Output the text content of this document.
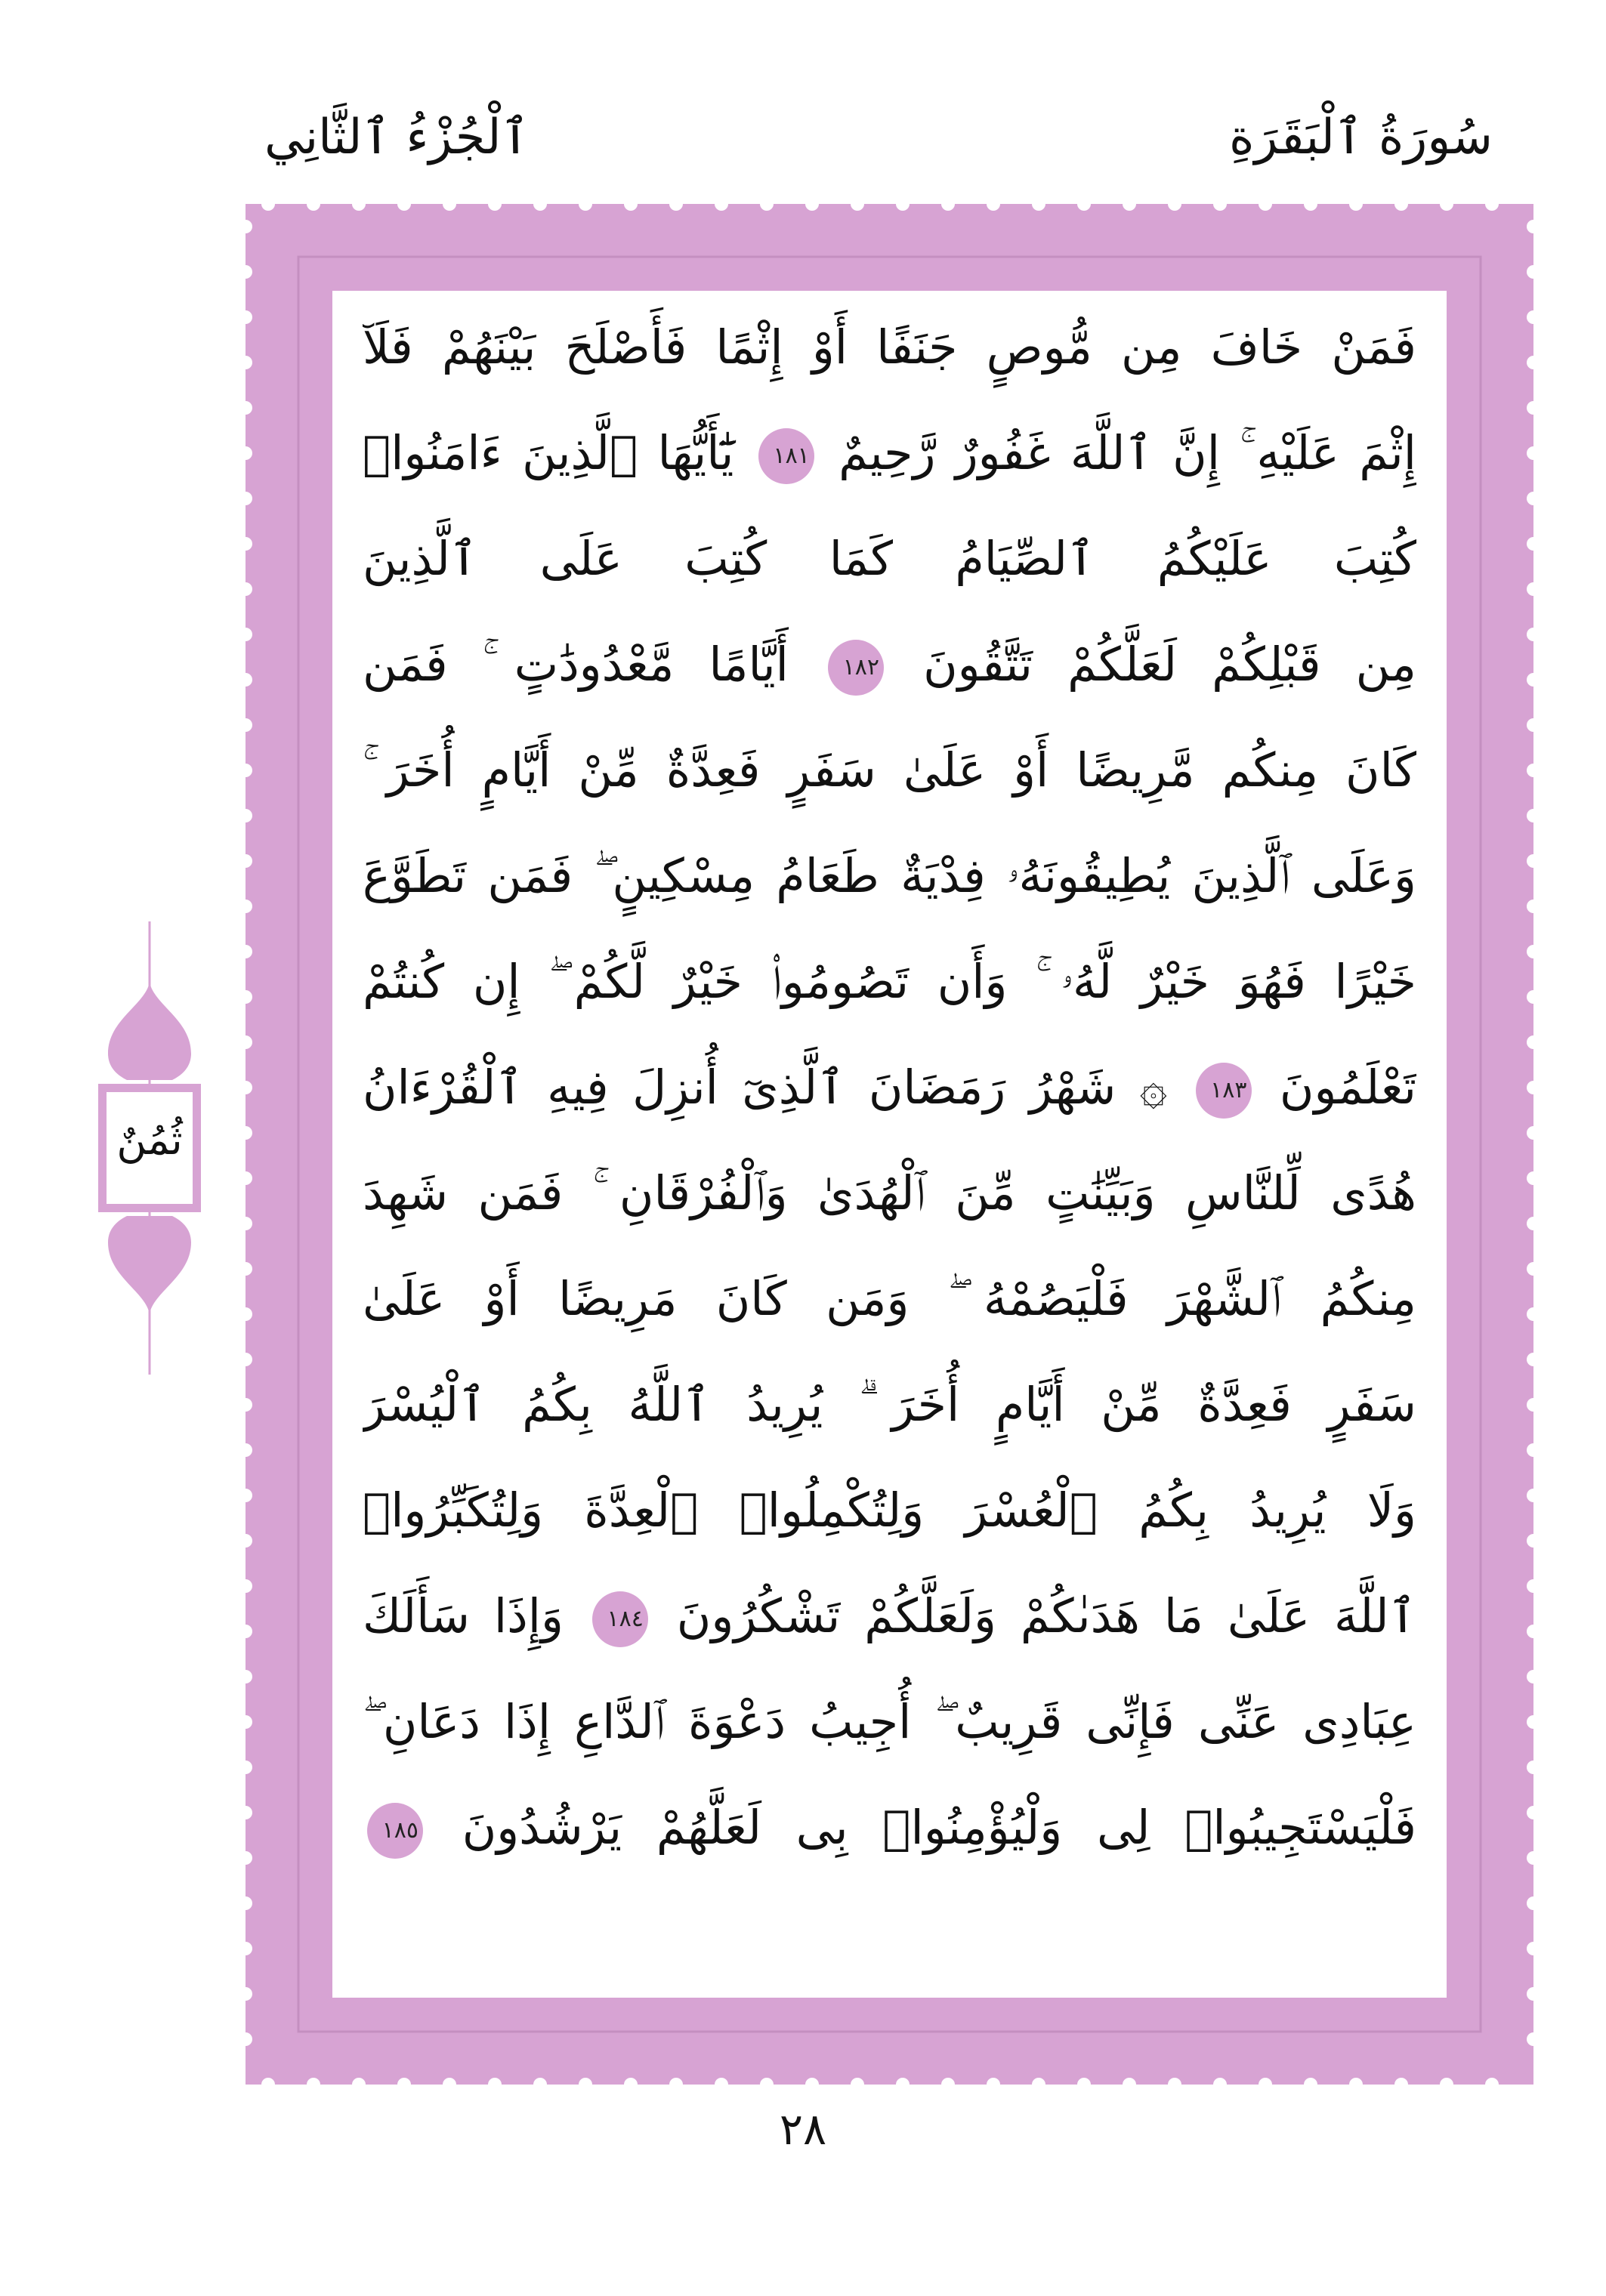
سُورَةُ ٱلْبَقَرَةِ
ٱلْجُزْءُ ٱلثَّانِي
فَمَنْ خَافَ مِن مُّوصٍ جَنَفًا أَوْ إِثْمًا فَأَصْلَحَ بَيْنَهُمْ فَلَآ
إِثْمَ عَلَيْهِ ۚ إِنَّ ٱللَّهَ غَفُورٌ رَّحِيمٌ ١٨١ يَٰٓأَيُّهَا ٱلَّذِينَ ءَامَنُوا۟
كُتِبَ عَلَيْكُمُ ٱلصِّيَامُ كَمَا كُتِبَ عَلَى ٱلَّذِينَ
مِن قَبْلِكُمْ لَعَلَّكُمْ تَتَّقُونَ ١٨٢ أَيَّامًا مَّعْدُودَٰتٍ ۚ فَمَن
كَانَ مِنكُم مَّرِيضًا أَوْ عَلَىٰ سَفَرٍ فَعِدَّةٌ مِّنْ أَيَّامٍ أُخَرَ ۚ
وَعَلَى ٱلَّذِينَ يُطِيقُونَهُۥ فِدْيَةٌ طَعَامُ مِسْكِينٍ ۖ فَمَن تَطَوَّعَ
خَيْرًا فَهُوَ خَيْرٌ لَّهُۥ ۚ وَأَن تَصُومُوا۟ خَيْرٌ لَّكُمْ ۖ إِن كُنتُمْ
تَعْلَمُونَ ١٨٣ ۞ شَهْرُ رَمَضَانَ ٱلَّذِىٓ أُنزِلَ فِيهِ ٱلْقُرْءَانُ
هُدًى لِّلنَّاسِ وَبَيِّنَٰتٍ مِّنَ ٱلْهُدَىٰ وَٱلْفُرْقَانِ ۚ فَمَن شَهِدَ
مِنكُمُ ٱلشَّهْرَ فَلْيَصُمْهُ ۖ وَمَن كَانَ مَرِيضًا أَوْ عَلَىٰ
سَفَرٍ فَعِدَّةٌ مِّنْ أَيَّامٍ أُخَرَ ۗ يُرِيدُ ٱللَّهُ بِكُمُ ٱلْيُسْرَ
وَلَا يُرِيدُ بِكُمُ ٱلْعُسْرَ وَلِتُكْمِلُوا۟ ٱلْعِدَّةَ وَلِتُكَبِّرُوا۟
ٱللَّهَ عَلَىٰ مَا هَدَىٰكُمْ وَلَعَلَّكُمْ تَشْكُرُونَ ١٨٤ وَإِذَا سَأَلَكَ
عِبَادِى عَنِّى فَإِنِّى قَرِيبٌ ۖ أُجِيبُ دَعْوَةَ ٱلدَّاعِ إِذَا دَعَانِ ۖ
فَلْيَسْتَجِيبُوا۟ لِى وَلْيُؤْمِنُوا۟ بِى لَعَلَّهُمْ يَرْشُدُونَ ١٨٥
ثُمُنٌ
٢٨
